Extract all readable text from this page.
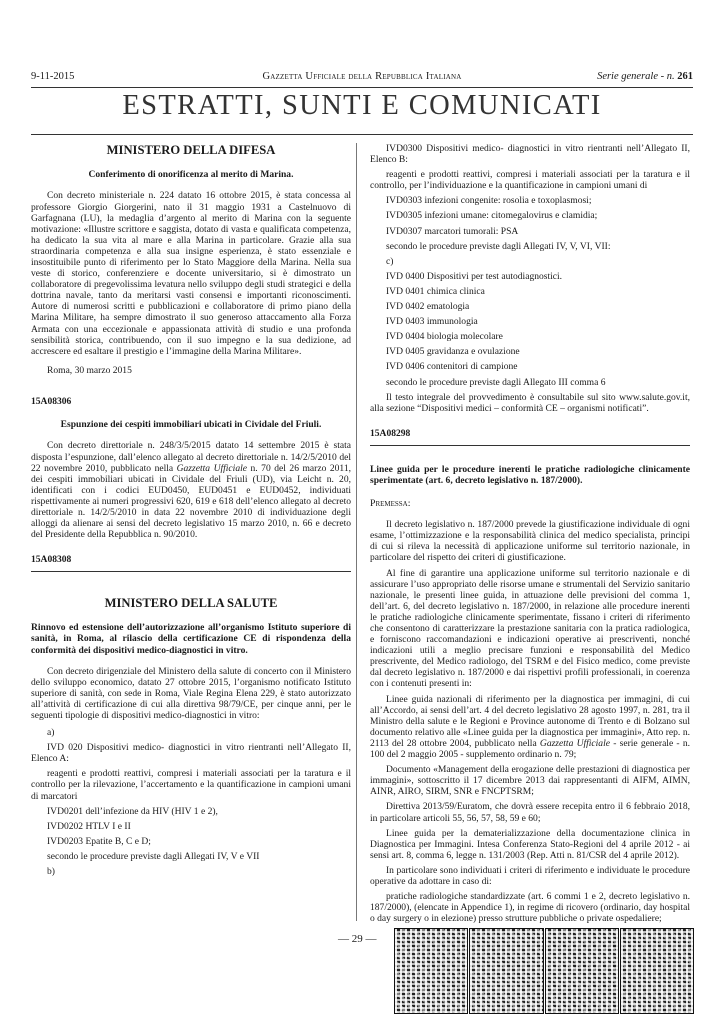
9-11-2015	Gazzetta Ufficiale della Repubblica Italiana	Serie generale - n. 261
ESTRATTI, SUNTI E COMUNICATI
MINISTERO DELLA DIFESA
Conferimento di onorificenza al merito di Marina.

Con decreto ministeriale n. 224 datato 16 ottobre 2015, è stata concessa al professore Giorgio Giorgerini, nato il 31 maggio 1931 a Castelnuovo di Garfagnana (LU), la medaglia d’argento al merito di Marina con la seguente motivazione: «Illustre scrittore e saggista, dotato di vasta e qualificata competenza, ha dedicato la sua vita al mare e alla Marina in particolare. Grazie alla sua straordinaria competenza e alla sua insigne esperienza, è stato essenziale e insostituibile punto di riferimento per lo Stato Maggiore della Marina. Nella sua veste di storico, conferenziere e docente universitario, si è dimostrato un collaboratore di pregevolissima levatura nello sviluppo degli studi strategici e della dottrina navale, tanto da meritarsi vasti consensi e importanti riconoscimenti. Autore di numerosi scritti e pubblicazioni e collaboratore di primo piano della Marina Militare, ha sempre dimostrato il suo generoso attaccamento alla Forza Armata con una eccezionale e appassionata attività di studio e una profonda sensibilità storica, contribuendo, con il suo impegno e la sua dedizione, ad accrescere ed esaltare il prestigio e l’immagine della Marina Militare».

Roma, 30 marzo 2015

15A08306
Espunzione dei cespiti immobiliari ubicati in Cividale del Friuli.

Con decreto direttoriale n. 248/3/5/2015 datato 14 settembre 2015 è stata disposta l’espunzione, dall’elenco allegato al decreto direttoriale n. 14/2/5/2010 del 22 novembre 2010, pubblicato nella Gazzetta Ufficiale n. 70 del 26 marzo 2011, dei cespiti immobiliari ubicati in Cividale del Friuli (UD), via Leicht n. 20, identificati con i codici EUD0450, EUD0451 e EUD0452, individuati rispettivamente ai numeri progressivi 620, 619 e 618 dell’elenco allegato al decreto direttoriale n. 14/2/5/2010 in data 22 novembre 2010 di individuazione degli alloggi da alienare ai sensi del decreto legislativo 15 marzo 2010, n. 66 e decreto del Presidente della Repubblica n. 90/2010.

15A08308
MINISTERO DELLA SALUTE

Rinnovo ed estensione dell’autorizzazione all’organismo Istituto superiore di sanità, in Roma, al rilascio della certificazione CE di rispondenza della conformità dei dispositivi medico-diagnostici in vitro.

Con decreto dirigenziale del Ministero della salute di concerto con il Ministero dello sviluppo economico, datato 27 ottobre 2015, l’organismo notificato Istituto superiore di sanità, con sede in Roma, Viale Regina Elena 229, è stato autorizzato all’attività di certificazione di cui alla direttiva 98/79/CE, per cinque anni, per le seguenti tipologie di dispositivi medico-diagnostici in vitro:

a)

IVD 020 Dispositivi medico- diagnostici in vitro rientranti nell’Allegato II, Elenco A:

reagenti e prodotti reattivi, compresi i materiali associati per la taratura e il controllo per la rilevazione, l’accertamento e la quantificazione in campioni umani di marcatori

IVD0201 dell’infezione da HIV (HIV 1 e 2),

IVD0202 HTLV I e II

IVD0203 Epatite B, C e D;

secondo le procedure previste dagli Allegati IV, V e VII

b)

IVD0300 Dispositivi medico- diagnostici in vitro rientranti nell’Allegato II, Elenco B:

reagenti e prodotti reattivi, compresi i materiali associati per la taratura e il controllo, per l’individuazione e la quantificazione in campioni umani di

IVD0303 infezioni congenite: rosolia e toxoplasmosi;

IVD0305 infezioni umane: citomegalovirus e clamidia;

IVD0307 marcatori tumorali: PSA

secondo le procedure previste dagli Allegati IV, V, VI, VII:

c)

IVD 0400 Dispositivi per test autodiagnostici.

IVD 0401 chimica clinica

IVD 0402 ematologia

IVD 0403 immunologia

IVD 0404 biologia molecolare

IVD 0405 gravidanza e ovulazione

IVD 0406 contenitori di campione

secondo le procedure previste dagli Allegato III comma 6

Il testo integrale del provvedimento è consultabile sul sito www.salute.gov.it, alla sezione “Dispositivi medici – conformità CE – organismi notificati”.

15A08298

Linee guida per le procedure inerenti le pratiche radiologiche clinicamente sperimentate (art. 6, decreto legislativo n. 187/2000).

Premessa:

Il decreto legislativo n. 187/2000 prevede la giustificazione individuale di ogni esame, l’ottimizzazione e la responsabilità clinica del medico specialista, principi di cui si rileva la necessità di applicazione uniforme sul territorio nazionale, in particolare del rispetto dei criteri di giustificazione.

Al fine di garantire una applicazione uniforme sul territorio nazionale e di assicurare l’uso appropriato delle risorse umane e strumentali del Servizio sanitario nazionale, le presenti linee guida, in attuazione delle previsioni del comma 1, dell’art. 6, del decreto legislativo n. 187/2000, in relazione alle procedure inerenti le pratiche radiologiche clinicamente sperimentate, fissano i criteri di riferimento che consentono di caratterizzare la prestazione sanitaria con la pratica radiologica, e forniscono raccomandazioni e indicazioni operative ai prescriventi, nonché indicazioni utili a meglio precisare funzioni e responsabilità del Medico prescrivente, del Medico radiologo, del TSRM e del Fisico medico, come previste dal decreto legislativo n. 187/2000 e dai rispettivi profili professionali, in coerenza con i contenuti presenti in:

Linee guida nazionali di riferimento per la diagnostica per immagini, di cui all’Accordo, ai sensi dell’art. 4 del decreto legislativo 28 agosto 1997, n. 281, tra il Ministro della salute e le Regioni e Province autonome di Trento e di Bolzano sul documento relativo alle «Linee guida per la diagnostica per immagini», Atto rep. n. 2113 del 28 ottobre 2004, pubblicato nella Gazzetta Ufficiale - serie generale - n. 100 del 2 maggio 2005 - supplemento ordinario n. 79;

Documento «Management della erogazione delle prestazioni di diagnostica per immagini», sottoscritto il 17 dicembre 2013 dai rappresentanti di AIFM, AIMN, AINR, AIRO, SIRM, SNR e FNCPTSRM;

Direttiva 2013/59/Euratom, che dovrà essere recepita entro il 6 febbraio 2018, in particolare articoli 55, 56, 57, 58, 59 e 60;

Linee guida per la dematerializzazione della documentazione clinica in Diagnostica per Immagini. Intesa Conferenza Stato-Regioni del 4 aprile 2012 - ai sensi art. 8, comma 6, legge n. 131/2003 (Rep. Atti n. 81/CSR del 4 aprile 2012).

In particolare sono individuati i criteri di riferimento e individuate le procedure operative da adottare in caso di:

pratiche radiologiche standardizzate (art. 6 commi 1 e 2, decreto legislativo n. 187/2000), (elencate in Appendice 1), in regime di ricovero (ordinario, day hospital o day surgery o in elezione) presso strutture pubbliche o private ospedaliere;

— 29 —
